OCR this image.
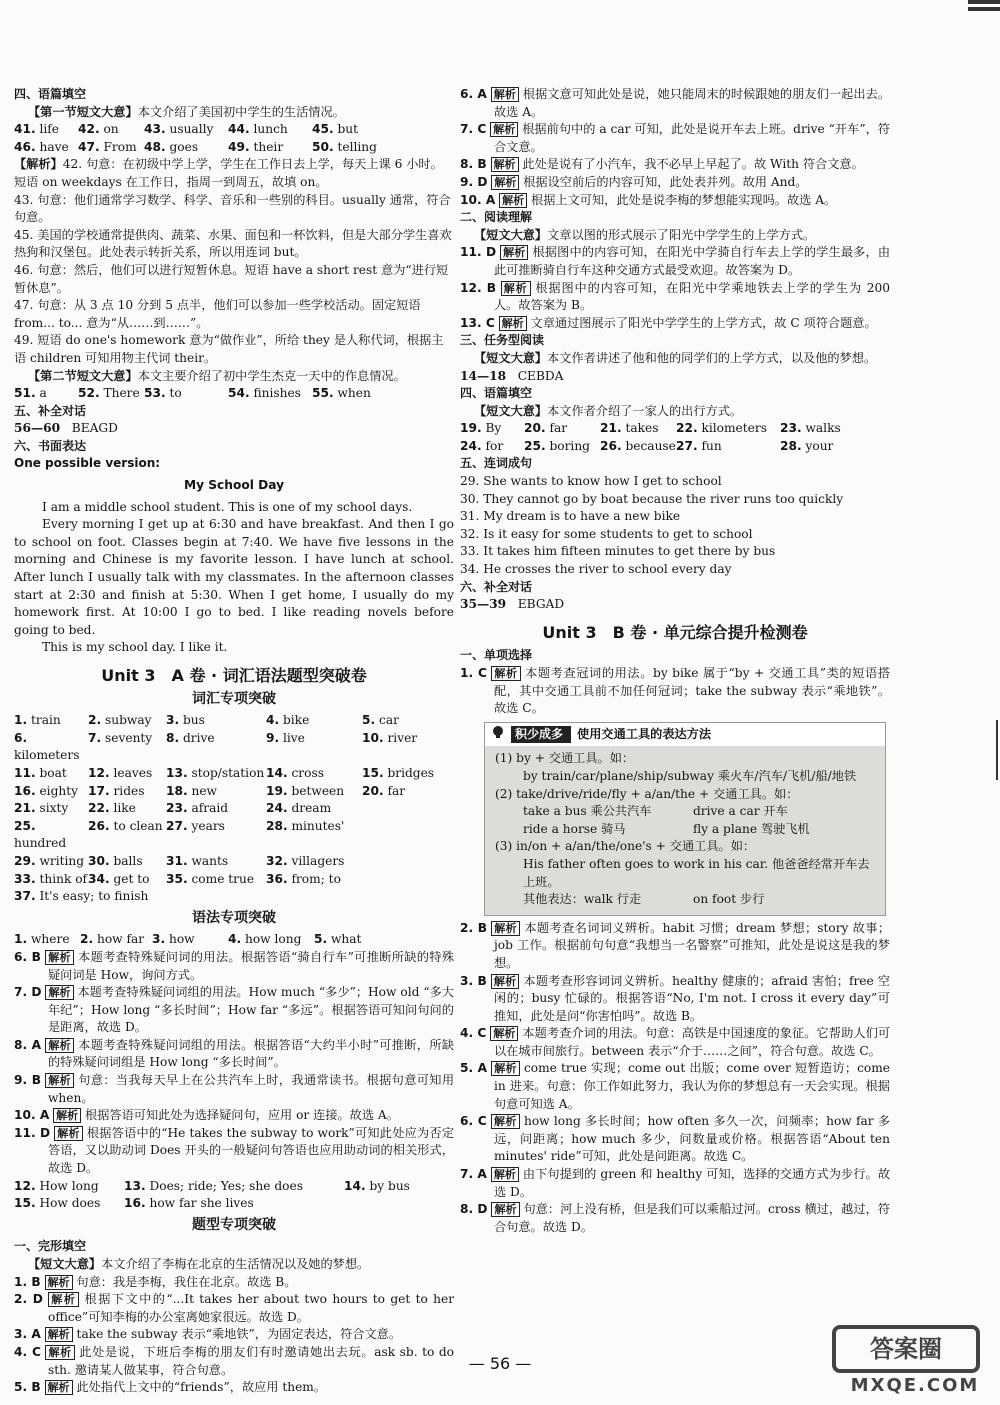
四、语篇填空

【第一节短文大意】本文介绍了美国初中学生的生活情况。

41. life	42. on	43. usually	44. lunch	45. but
46. have 47. From 48. goes	49. their	50. telling

【解析】42. 句意：在初级中学上学，学生在工作日去上学，每天上课 6 小时。短语 on weekdays 在工作日，指周一到周五，故填 on。

43. 句意：他们通常学习数学、科学、音乐和一些别的科目。usually 通常，符合句意。

45. 美国的学校通常提供肉、蔬菜、水果、面包和一杯饮料，但是大部分学生喜欢热狗和汉堡包。此处表示转折关系，所以用连词 but。

46. 句意：然后，他们可以进行短暂休息。短语 have a short rest 意为“进行短暂休息”。

47. 句意：从 3 点 10 分到 5 点半，他们可以参加一些学校活动。固定短语 from... to... 意为“从……到……”。

49. 短语 do one's homework 意为“做作业”，所给 they 是人称代词，根据主语 children 可知用物主代词 their。

【第二节短文大意】本文主要介绍了初中学生杰克一天中的作息情况。

51. a	52. There 53. to	54. finishes 55. when
五、补全对话
56—60 BEAGD
六、书面表达
One possible version:
My School Day

I am a middle school student. This is one of my school days.

Every morning I get up at 6:30 and have breakfast. And then I go to school on foot. Classes begin at 7:40. We have five lessons in the morning and Chinese is my favorite lesson. I have lunch at school. After lunch I usually talk with my classmates. In the afternoon classes start at 2:30 and finish at 5:30. When I get home, I usually do my homework first. At 10:00 I go to bed. I like reading novels before going to bed.

This is my school day. I like it.

Unit 3　A 卷 · 词汇语法题型突破卷
词汇专项突破
1. train	2. subway	3. bus	4. bike	5. car
6. kilometers
7. seventy	8. drive	9. live	10. river
11. boat	12. leaves	13. stop/station 14. cross	15. bridges
16. eighty 17. rides	18. new	19. between	20. far
21. sixty	22. like	23. afraid	24. dream
25. hundred
26. to clean 27. years	28. minutes'
29. writing 30. balls	31. wants	32. villagers
33. think of 34. get to	35. come true 36. from; to
37. It's easy; to finish
语法专项突破
1. where 2. how far 3. how	4. how long	5. what

6. B 解析 本题考查特殊疑问词的用法。根据答语“骑自行车”可推断所缺的特殊疑问词是 How，询问方式。

7. D 解析 本题考查特殊疑问词组的用法。How much “多少”；How old “多大年纪”；How long “多长时间”；How far “多远”。根据答语可知问句问的是距离，故选 D。

8. A 解析 本题考查特殊疑问词组的用法。根据答语“大约半小时”可推断，所缺的特殊疑问词组是 How long “多长时间”。

9. B 解析 句意：当我每天早上在公共汽车上时，我通常读书。根据句意可知用 when。

10. A 解析 根据答语可知此处为选择疑问句，应用 or 连接。故选 A。

11. D 解析 根据答语中的“He takes the subway to work”可知此处应为否定答语，又以助动词 Does 开头的一般疑问句答语也应用助动词的相关形式，故选 D。

12. How long	13. Does; ride; Yes; she does	14. by bus
15. How does	16. how far she lives
题型专项突破
一、完形填空

【短文大意】本文介绍了李梅在北京的生活情况以及她的梦想。

1. B 解析 句意：我是李梅，我住在北京。故选 B。

2. D 解析 根据下文中的“...It takes her about two hours to get to her office”可知李梅的办公室离她家很远。故选 D。

3. A 解析 take the subway 表示“乘地铁”，为固定表达，符合文意。

4. C 解析 此处是说，下班后李梅的朋友们有时邀请她出去玩。ask sb. to do sth. 邀请某人做某事，符合句意。

5. B 解析 此处指代上文中的“friends”，故应用 them。

6. A 解析 根据文意可知此处是说，她只能周末的时候跟她的朋友们一起出去。故选 A。

7. C 解析 根据前句中的 a car 可知，此处是说开车去上班。drive “开车”，符合文意。

8. B 解析 此处是说有了小汽车，我不必早上早起了。故 With 符合文意。

9. D 解析 根据设空前后的内容可知，此处表并列。故用 And。

10. A 解析 根据上文可知，此处是说李梅的梦想能实现吗。故选 A。

二、阅读理解

【短文大意】文章以图的形式展示了阳光中学学生的上学方式。

11. D 解析 根据图中的内容可知，在阳光中学骑自行车去上学的学生最多，由此可推断骑自行车这种交通方式最受欢迎。故答案为 D。

12. B 解析 根据图中的内容可知，在阳光中学乘地铁去上学的学生为 200 人。故答案为 B。

13. C 解析 文章通过图展示了阳光中学学生的上学方式，故 C 项符合题意。

三、任务型阅读

【短文大意】本文作者讲述了他和他的同学们的上学方式，以及他的梦想。

14—18 CEBDA
四、语篇填空

【短文大意】本文作者介绍了一家人的出行方式。

19. By	20. far	21. takes	22. kilometers	23. walks
24. for	25. boring 26. because 27. fun	28. your
五、连词成句
29. She wants to know how I get to school
30. They cannot go by boat because the river runs too quickly
31. My dream is to have a new bike
32. Is it easy for some students to get to school
33. It takes him fifteen minutes to get there by bus
34. He crosses the river to school every day
六、补全对话
35—39 EBGAD
Unit 3　B 卷 · 单元综合提升检测卷
一、单项选择

1. C 解析 本题考查冠词的用法。by bike 属于“by + 交通工具”类的短语搭配，其中交通工具前不加任何冠词；take the subway 表示“乘地铁”。故选 C。

积少成多	使用交通工具的表达方法

(1) by + 交通工具。如：

by train/car/plane/ship/subway 乘火车/汽车/飞机/船/地铁

(2) take/drive/ride/fly + a/an/the + 交通工具。如：

take a bus 乘公共汽车	drive a car 开车
ride a horse 骑马	fly a plane 驾驶飞机

(3) in/on + a/an/the/one's + 交通工具。如：

His father often goes to work in his car. 他爸爸经常开车去上班。

其他表达：walk 行走	on foot 步行

2. B 解析 本题考查名词词义辨析。habit 习惯；dream 梦想；story 故事；job 工作。根据前句句意“我想当一名警察”可推知，此处是说这是我的梦想。

3. B 解析 本题考查形容词词义辨析。healthy 健康的；afraid 害怕；free 空闲的；busy 忙碌的。根据答语“No, I'm not. I cross it every day”可推知，此处是问“你害怕吗”。故选 B。

4. C 解析 本题考查介词的用法。句意：高铁是中国速度的象征。它帮助人们可以在城市间旅行。between 表示“介于……之间”，符合句意。故选 C。

5. A 解析 come true 实现；come out 出版；come over 短暂造访；come in 进来。句意：你工作如此努力，我认为你的梦想总有一天会实现。根据句意可知选 A。

6. C 解析 how long 多长时间；how often 多久一次，问频率；how far 多远，问距离；how much 多少，问数量或价格。根据答语“About ten minutes' ride”可知，此处是问距离。故选 C。

7. A 解析 由下句提到的 green 和 healthy 可知，选择的交通方式为步行。故选 D。

8. D 解析 句意：河上没有桥，但是我们可以乘船过河。cross 横过，越过，符合句意。故选 D。

— 56 —
答案圈
MXQE.COM
